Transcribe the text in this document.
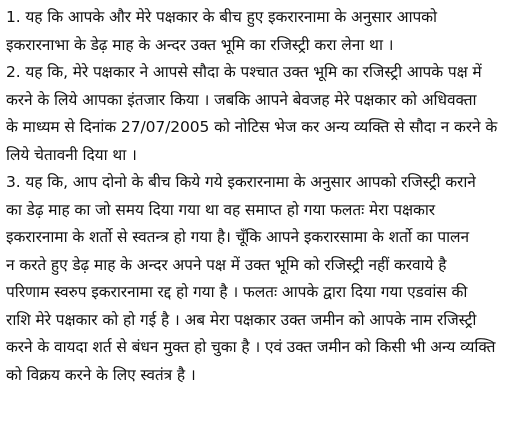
1. यह कि आपके और मेरे पक्षकार के बीच हुए इकरारनामा के अनुसार आपको
इकरारनाभा के डेढ़ माह के अन्दर उक्त भूमि का रजिस्ट्री करा लेना था ।
2. यह कि, मेरे पक्षकार ने आपसे सौदा के पश्चात उक्त भूमि का रजिस्ट्री आपके पक्ष में
करने के लिये आपका इंतजार किया । जबकि आपने बेवजह मेरे पक्षकार को अधिवक्ता
के माध्यम से दिनांक 27/07/2005 को नोटिस भेज कर अन्य व्यक्ति से सौदा न करने के
लिये चेतावनी दिया था ।
3. यह कि, आप दोनो के बीच किये गये इकरारनामा के अनुसार आपको रजिस्ट्री कराने
का डेढ़ माह का जो समय दिया गया था वह समाप्त हो गया फलतः मेरा पक्षकार
इकरारनामा के शर्तो से स्वतन्त्र हो गया है। चूँकि आपने इकरारसामा के शर्तो का पालन
न करते हुए डेढ़ माह के अन्दर अपने पक्ष में उक्त भूमि को रजिस्ट्री नहीं करवाये है
परिणाम स्वरुप इकरारनामा रद्द हो गया है । फलतः आपके द्वारा दिया गया एडवांस की
राशि मेरे पक्षकार को हो गई है । अब मेरा पक्षकार उक्त जमीन को आपके नाम रजिस्ट्री
करने के वायदा शर्त से बंधन मुक्त हो चुका है । एवं उक्त जमीन को किसी भी अन्य व्यक्ति
को विक्रय करने के लिए स्वतंत्र है ।
